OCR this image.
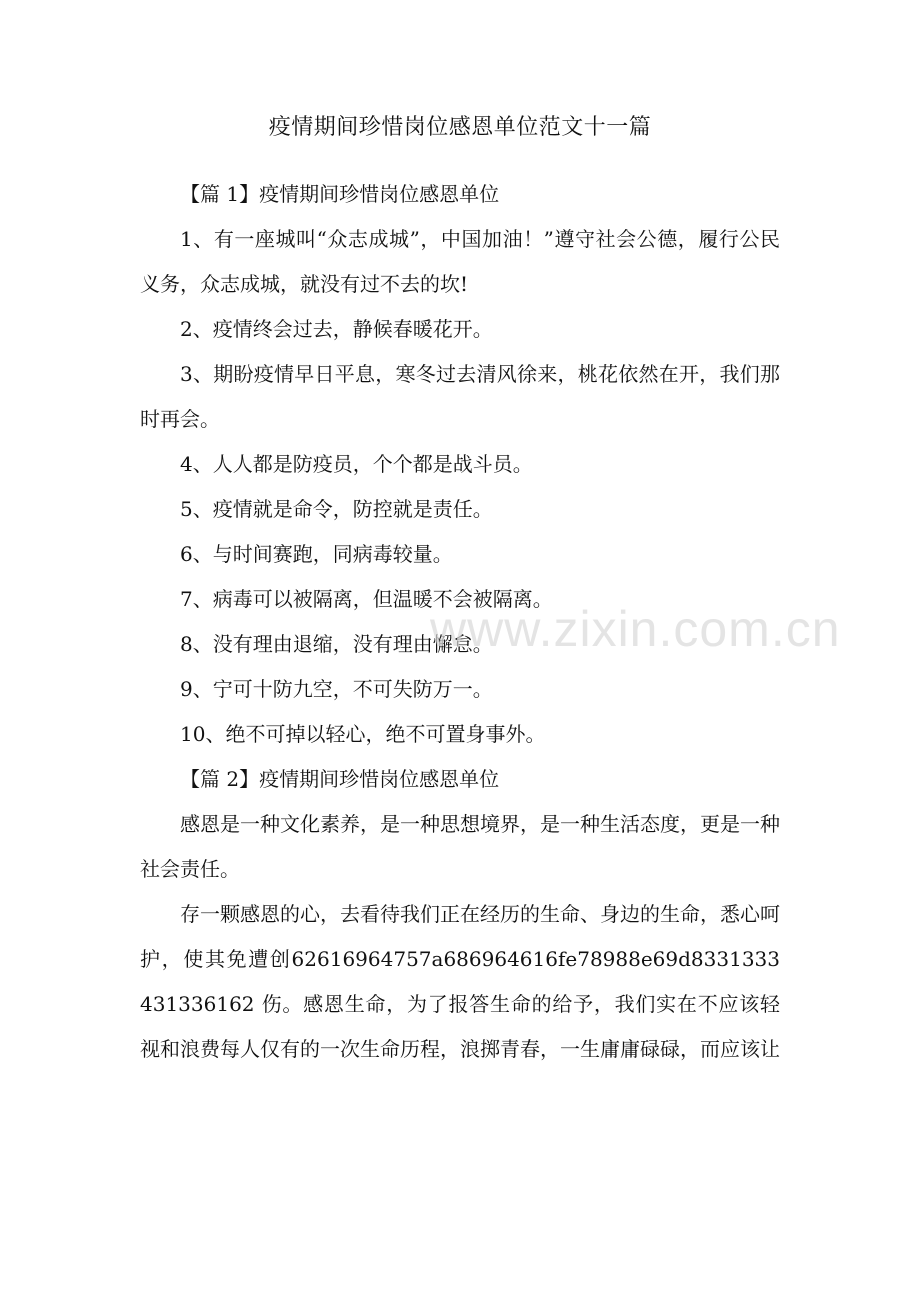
疫情期间珍惜岗位感恩单位范文十一篇

【篇 1】疫情期间珍惜岗位感恩单位

1、有一座城叫“众志成城”，中国加油！”遵守社会公德，履行公民义务，众志成城，就没有过不去的坎!

2、疫情终会过去，静候春暖花开。

3、期盼疫情早日平息，寒冬过去清风徐来，桃花依然在开，我们那时再会。

4、人人都是防疫员，个个都是战斗员。

5、疫情就是命令，防控就是责任。

6、与时间赛跑，同病毒较量。

7、病毒可以被隔离，但温暖不会被隔离。

8、没有理由退缩，没有理由懈怠。

9、宁可十防九空，不可失防万一。

10、绝不可掉以轻心，绝不可置身事外。

【篇 2】疫情期间珍惜岗位感恩单位

感恩是一种文化素养，是一种思想境界，是一种生活态度，更是一种社会责任。

存一颗感恩的心，去看待我们正在经历的生命、身边的生命，悉心呵护，使其免遭创62616964757a686964616fe78988e69d8331333431336162 伤。感恩生命，为了报答生命的给予，我们实在不应该轻视和浪费每人仅有的一次生命历程，浪掷青春，一生庸庸碌碌，而应该让

www.zixin.com.cn
